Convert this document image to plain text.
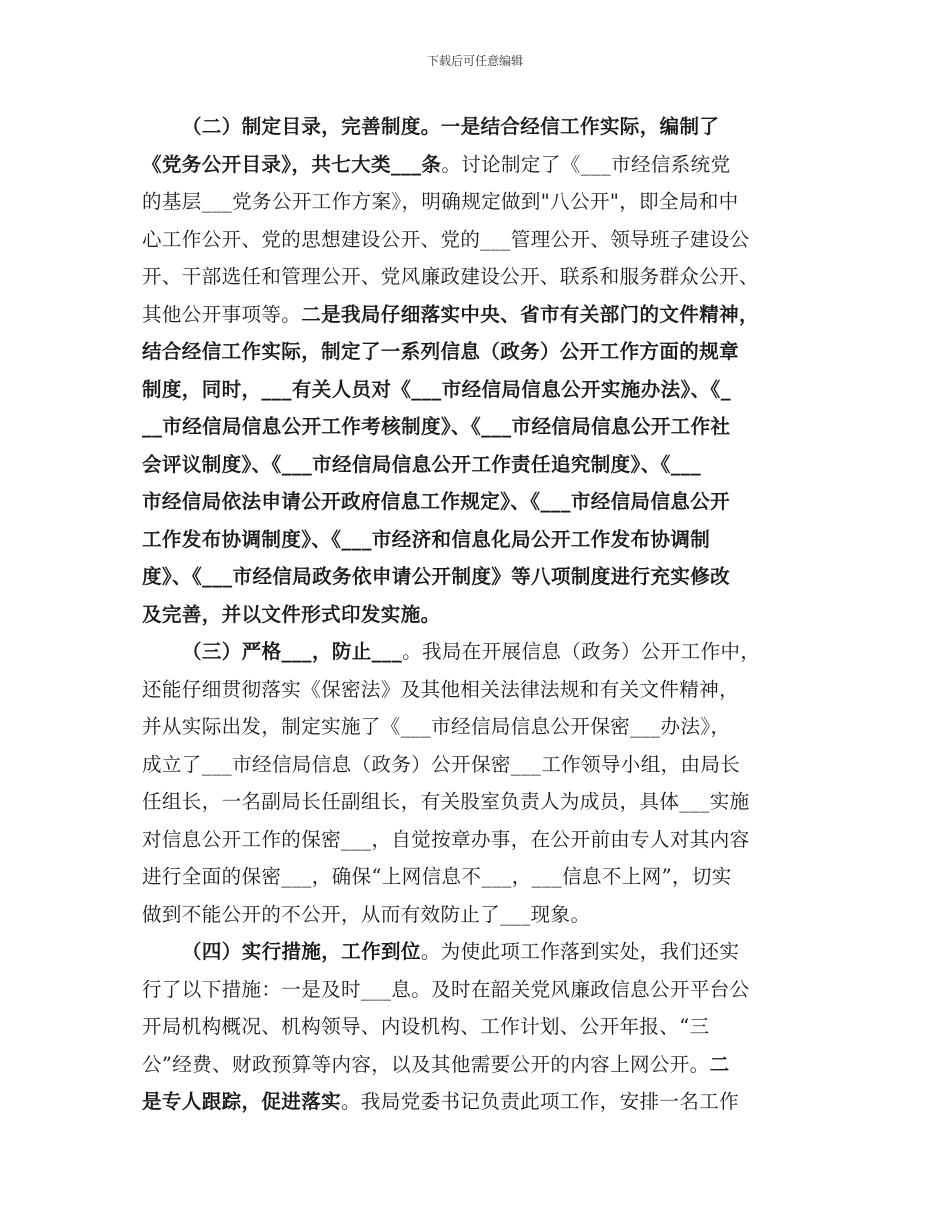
下载后可任意编辑
（二）制定目录，完善制度。一是结合经信工作实际，编制了
《党务公开目录》，共七大类___条。讨论制定了《___市经信系统党
的基层___党务公开工作方案》，明确规定做到"八公开"，即全局和中
心工作公开、党的思想建设公开、党的___管理公开、领导班子建设公
开、干部选任和管理公开、党风廉政建设公开、联系和服务群众公开、
其他公开事项等。二是我局仔细落实中央、省市有关部门的文件精神，
结合经信工作实际，制定了一系列信息（政务）公开工作方面的规章
制度，同时，___有关人员对《___市经信局信息公开实施办法》、《_
__市经信局信息公开工作考核制度》、《___市经信局信息公开工作社
会评议制度》、《___市经信局信息公开工作责任追究制度》、《___
市经信局依法申请公开政府信息工作规定》、《___市经信局信息公开
工作发布协调制度》、《___市经济和信息化局公开工作发布协调制
度》、《___市经信局政务依申请公开制度》等八项制度进行充实修改
及完善，并以文件形式印发实施。
（三）严格___，防止___。我局在开展信息（政务）公开工作中，
还能仔细贯彻落实《保密法》及其他相关法律法规和有关文件精神，
并从实际出发，制定实施了《___市经信局信息公开保密___办法》，
成立了___市经信局信息（政务）公开保密___工作领导小组，由局长
任组长，一名副局长任副组长，有关股室负责人为成员，具体___实施
对信息公开工作的保密___，自觉按章办事，在公开前由专人对其内容
进行全面的保密___，确保“上网信息不___，___信息不上网”，切实
做到不能公开的不公开，从而有效防止了___现象。
（四）实行措施，工作到位。为使此项工作落到实处，我们还实
行了以下措施：一是及时___息。及时在韶关党风廉政信息公开平台公
开局机构概况、机构领导、内设机构、工作计划、公开年报、“三
公”经费、财政预算等内容，以及其他需要公开的内容上网公开。二
是专人跟踪，促进落实。我局党委书记负责此项工作，安排一名工作
